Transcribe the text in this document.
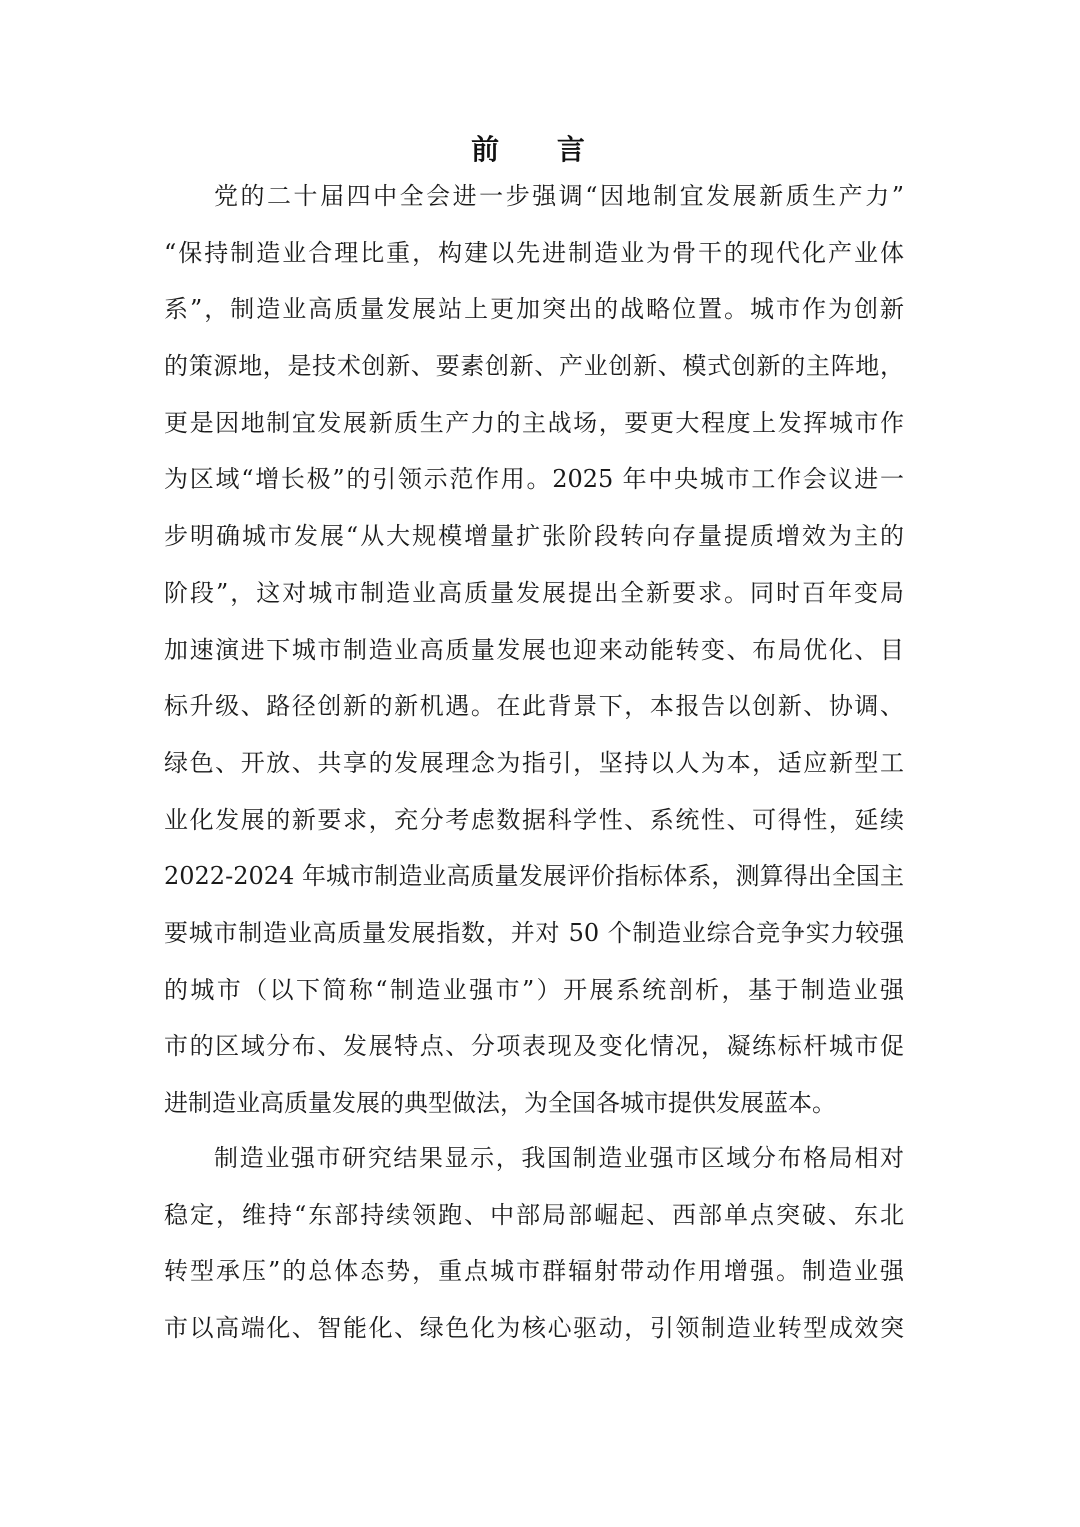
前 言
党的二十届四中全会进一步强调“因地制宜发展新质生产力”
“保持制造业合理比重，构建以先进制造业为骨干的现代化产业体
系”，制造业高质量发展站上更加突出的战略位置。城市作为创新
的策源地，是技术创新、要素创新、产业创新、模式创新的主阵地，
更是因地制宜发展新质生产力的主战场，要更大程度上发挥城市作
为区域“增长极”的引领示范作用。2025 年中央城市工作会议进一
步明确城市发展“从大规模增量扩张阶段转向存量提质增效为主的
阶段”，这对城市制造业高质量发展提出全新要求。同时百年变局
加速演进下城市制造业高质量发展也迎来动能转变、布局优化、目
标升级、路径创新的新机遇。在此背景下，本报告以创新、协调、
绿色、开放、共享的发展理念为指引，坚持以人为本，适应新型工
业化发展的新要求，充分考虑数据科学性、系统性、可得性，延续
2022-2024 年城市制造业高质量发展评价指标体系，测算得出全国主
要城市制造业高质量发展指数，并对 50 个制造业综合竞争实力较强
的城市（以下简称“制造业强市”）开展系统剖析，基于制造业强
市的区域分布、发展特点、分项表现及变化情况，凝练标杆城市促
进制造业高质量发展的典型做法，为全国各城市提供发展蓝本。
制造业强市研究结果显示，我国制造业强市区域分布格局相对
稳定，维持“东部持续领跑、中部局部崛起、西部单点突破、东北
转型承压”的总体态势，重点城市群辐射带动作用增强。制造业强
市以高端化、智能化、绿色化为核心驱动，引领制造业转型成效突
